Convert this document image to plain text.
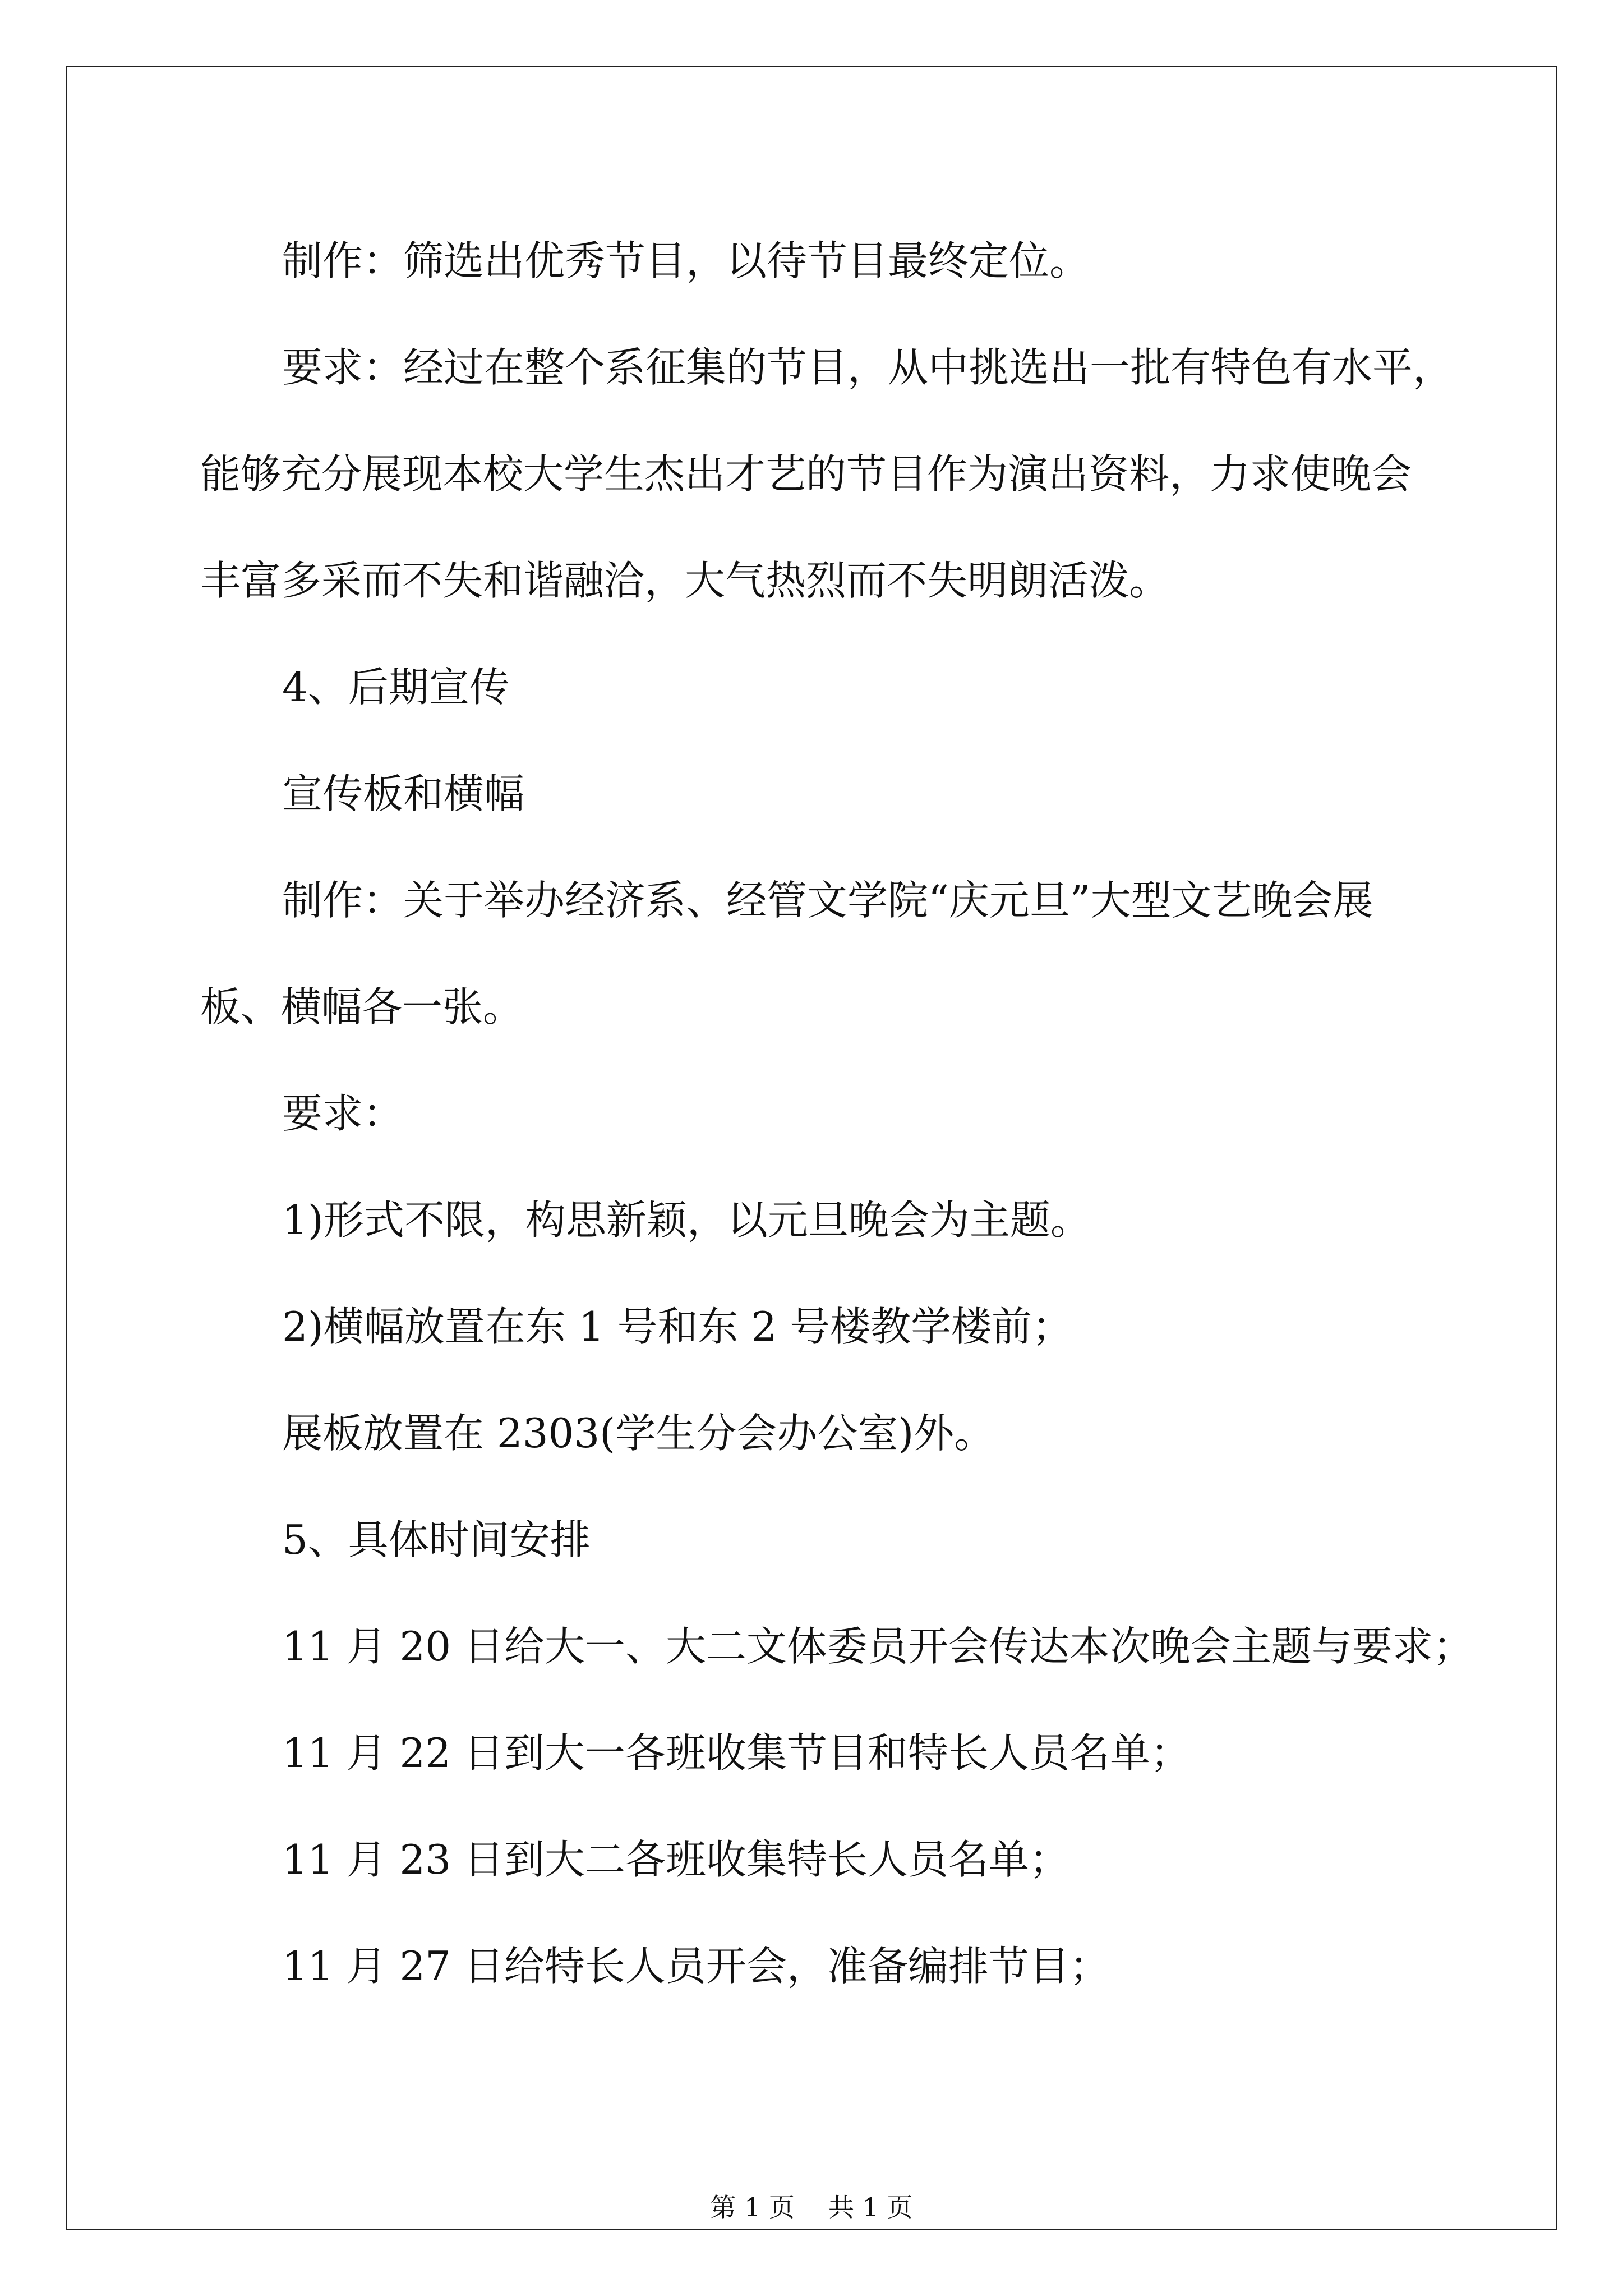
制作：筛选出优秀节目，以待节目最终定位。

要求：经过在整个系征集的节目，从中挑选出一批有特色有水平，

能够充分展现本校大学生杰出才艺的节目作为演出资料，力求使晚会

丰富多采而不失和谐融洽，大气热烈而不失明朗活泼。

4、后期宣传

宣传板和横幅

制作：关于举办经济系、经管文学院“庆元旦”大型文艺晚会展

板、横幅各一张。

要求：

1)形式不限，构思新颖，以元旦晚会为主题。

2)横幅放置在东 1 号和东 2 号楼教学楼前；

展板放置在 2303(学生分会办公室)外。

5、具体时间安排

11 月 20 日给大一、大二文体委员开会传达本次晚会主题与要求；

11 月 22 日到大一各班收集节目和特长人员名单；

11 月 23 日到大二各班收集特长人员名单；

11 月 27 日给特长人员开会，准备编排节目；

第 1 页 共 1 页
